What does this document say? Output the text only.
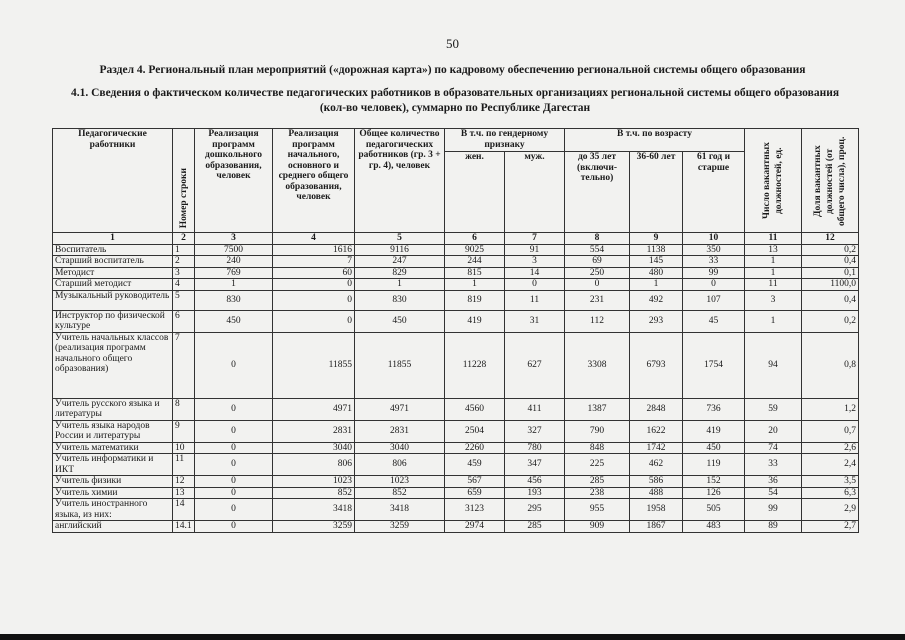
50
Раздел 4. Региональный план мероприятий («дорожная карта») по кадровому обеспечению региональной системы общего образования
4.1. Сведения о фактическом количестве педагогических работников в образовательных организациях региональной системы общего образования
(кол-во человек), суммарно по Республике Дагестан
Педагогические работники	Номер строки	Реализация программ дошкольного образования, человек	Реализация программ начального, основного и среднего общего образования, человек	Общее количество педагогических работников (гр. 3 + гр. 4), человек	В т.ч. по гендерному признаку		В т.ч. по возрасту			Число вакантных должностей, ед.	Доля вакантных должностей (от общего числа), проц.
					жен.	муж.	до 35 лет (включи-тельно)	36-60 лет	61 год и старше		
1	2	3	4	5	6	7	8	9	10	11	12
Воспитатель	1	7500	1616	9116	9025	91	554	1138	350	13	0,2
Старший воспитатель	2	240	7	247	244	3	69	145	33	1	0,4
Методист	3	769	60	829	815	14	250	480	99	1	0,1
Старший методист	4	1	0	1	1	0	0	1	0	11	1100,0
Музыкальный руководитель	5	830	0	830	819	11	231	492	107	3	0,4
Инструктор по физической культуре	6	450	0	450	419	31	112	293	45	1	0,2
Учитель начальных классов (реализация программ начального общего образования)	7	0	11855	11855	11228	627	3308	6793	1754	94	0,8
Учитель русского языка и литературы	8	0	4971	4971	4560	411	1387	2848	736	59	1,2
Учитель языка народов России и литературы	9	0	2831	2831	2504	327	790	1622	419	20	0,7
Учитель математики	10	0	3040	3040	2260	780	848	1742	450	74	2,6
Учитель информатики и ИКТ	11	0	806	806	459	347	225	462	119	33	2,4
Учитель физики	12	0	1023	1023	567	456	285	586	152	36	3,5
Учитель химии	13	0	852	852	659	193	238	488	126	54	6,3
Учитель иностранного языка, из них:	14	0	3418	3418	3123	295	955	1958	505	99	2,9
английский	14.1	0	3259	3259	2974	285	909	1867	483	89	2,7
